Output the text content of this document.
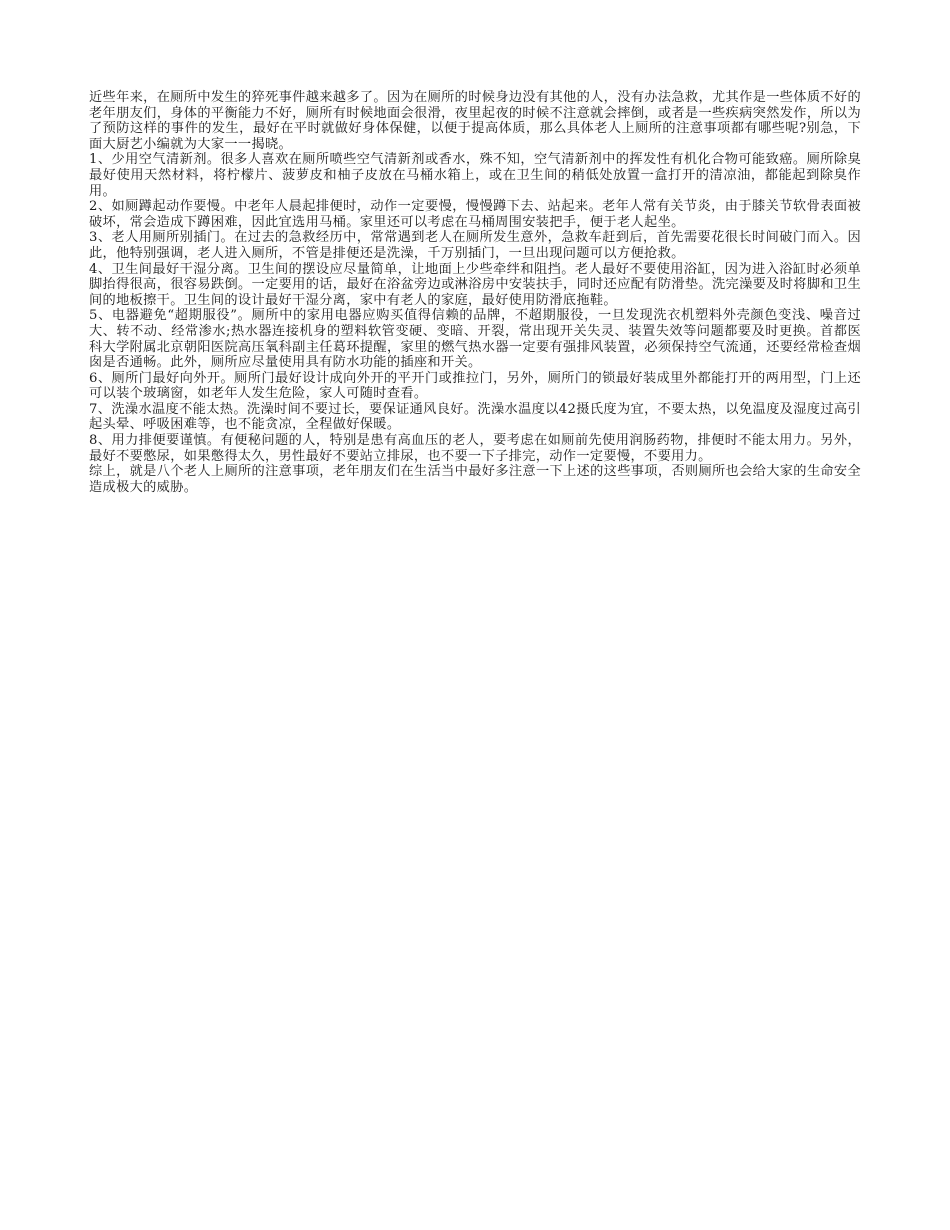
近些年来，在厕所中发生的猝死事件越来越多了。因为在厕所的时候身边没有其他的人，没有办法急救，尤其作是一些体质不好的老年朋友们，身体的平衡能力不好，厕所有时候地面会很滑，夜里起夜的时候不注意就会摔倒，或者是一些疾病突然发作，所以为了预防这样的事件的发生，最好在平时就做好身体保健，以便于提高体质，那么具体老人上厕所的注意事项都有哪些呢?别急，下面大厨艺小编就为大家一一揭晓。

1、少用空气清新剂。很多人喜欢在厕所喷些空气清新剂或香水，殊不知，空气清新剂中的挥发性有机化合物可能致癌。厕所除臭最好使用天然材料，将柠檬片、菠萝皮和柚子皮放在马桶水箱上，或在卫生间的稍低处放置一盒打开的清凉油，都能起到除臭作用。

2、如厕蹲起动作要慢。中老年人晨起排便时，动作一定要慢，慢慢蹲下去、站起来。老年人常有关节炎，由于膝关节软骨表面被破坏，常会造成下蹲困难，因此宜选用马桶。家里还可以考虑在马桶周围安装把手，便于老人起坐。

3、老人用厕所别插门。在过去的急救经历中，常常遇到老人在厕所发生意外，急救车赶到后，首先需要花很长时间破门而入。因此，他特别强调，老人进入厕所，不管是排便还是洗澡，千万别插门，一旦出现问题可以方便抢救。

4、卫生间最好干湿分离。卫生间的摆设应尽量简单，让地面上少些牵绊和阻挡。老人最好不要使用浴缸，因为进入浴缸时必须单脚抬得很高，很容易跌倒。一定要用的话，最好在浴盆旁边或淋浴房中安装扶手，同时还应配有防滑垫。洗完澡要及时将脚和卫生间的地板擦干。卫生间的设计最好干湿分离，家中有老人的家庭，最好使用防滑底拖鞋。

5、电器避免“超期服役”。厕所中的家用电器应购买值得信赖的品牌，不超期服役，一旦发现洗衣机塑料外壳颜色变浅、噪音过大、转不动、经常渗水;热水器连接机身的塑料软管变硬、变暗、开裂，常出现开关失灵、装置失效等问题都要及时更换。首都医科大学附属北京朝阳医院高压氧科副主任葛环提醒，家里的燃气热水器一定要有强排风装置，必须保持空气流通，还要经常检查烟囱是否通畅。此外，厕所应尽量使用具有防水功能的插座和开关。

6、厕所门最好向外开。厕所门最好设计成向外开的平开门或推拉门，另外，厕所门的锁最好装成里外都能打开的两用型，门上还可以装个玻璃窗，如老年人发生危险，家人可随时查看。

7、洗澡水温度不能太热。洗澡时间不要过长，要保证通风良好。洗澡水温度以42摄氏度为宜，不要太热，以免温度及湿度过高引起头晕、呼吸困难等，也不能贪凉，全程做好保暖。

8、用力排便要谨慎。有便秘问题的人，特别是患有高血压的老人，要考虑在如厕前先使用润肠药物，排便时不能太用力。另外，最好不要憋尿，如果憋得太久，男性最好不要站立排尿，也不要一下子排完，动作一定要慢，不要用力。

综上，就是八个老人上厕所的注意事项，老年朋友们在生活当中最好多注意一下上述的这些事项，否则厕所也会给大家的生命安全造成极大的威胁。
